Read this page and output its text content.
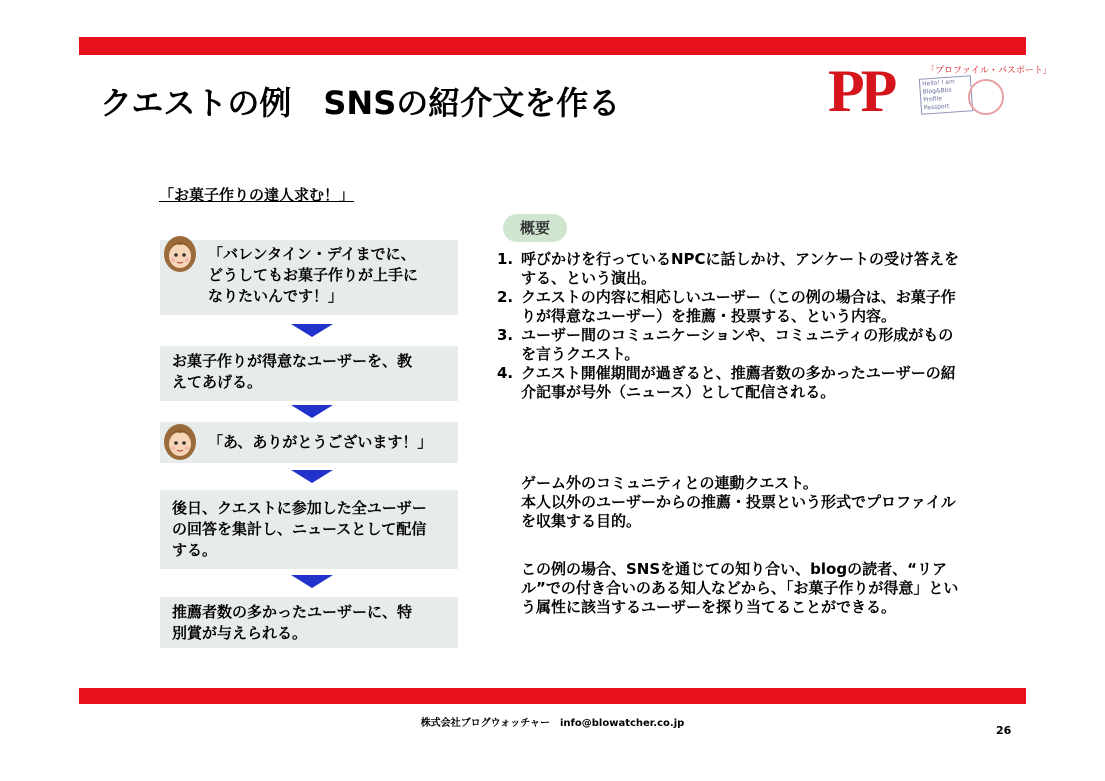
クエストの例　SNSの紹介文を作る	PP	「プロファイル・パスポート」
Hello! I am Blog&Bbs Profile Passport
「お菓子作りの達人求む！」
「バレンタイン・デイまでに、
どうしてもお菓子作りが上手に
なりたいんです！」
お菓子作りが得意なユーザーを、教
えてあげる。
「あ、ありがとうございます！」
後日、クエストに参加した全ユーザー
の回答を集計し、ニュースとして配信
する。
推薦者数の多かったユーザーに、特
別賞が与えられる。
概要
1. 呼びかけを行っているNPCに話しかけ、アンケートの受け答えをする、という演出。
2. クエストの内容に相応しいユーザー（この例の場合は、お菓子作りが得意なユーザー）を推薦・投票する、という内容。
3. ユーザー間のコミュニケーションや、コミュニティの形成がものを言うクエスト。
4. クエスト開催期間が過ぎると、推薦者数の多かったユーザーの紹介記事が号外（ニュース）として配信される。
ゲーム外のコミュニティとの連動クエスト。
本人以外のユーザーからの推薦・投票という形式でプロファイルを収集する目的。
この例の場合、SNSを通じての知り合い、blogの読者、“リアル”での付き合いのある知人などから、「お菓子作りが得意」という属性に該当するユーザーを探り当てることができる。
株式会社ブログウォッチャー　info@blowatcher.co.jp
26
